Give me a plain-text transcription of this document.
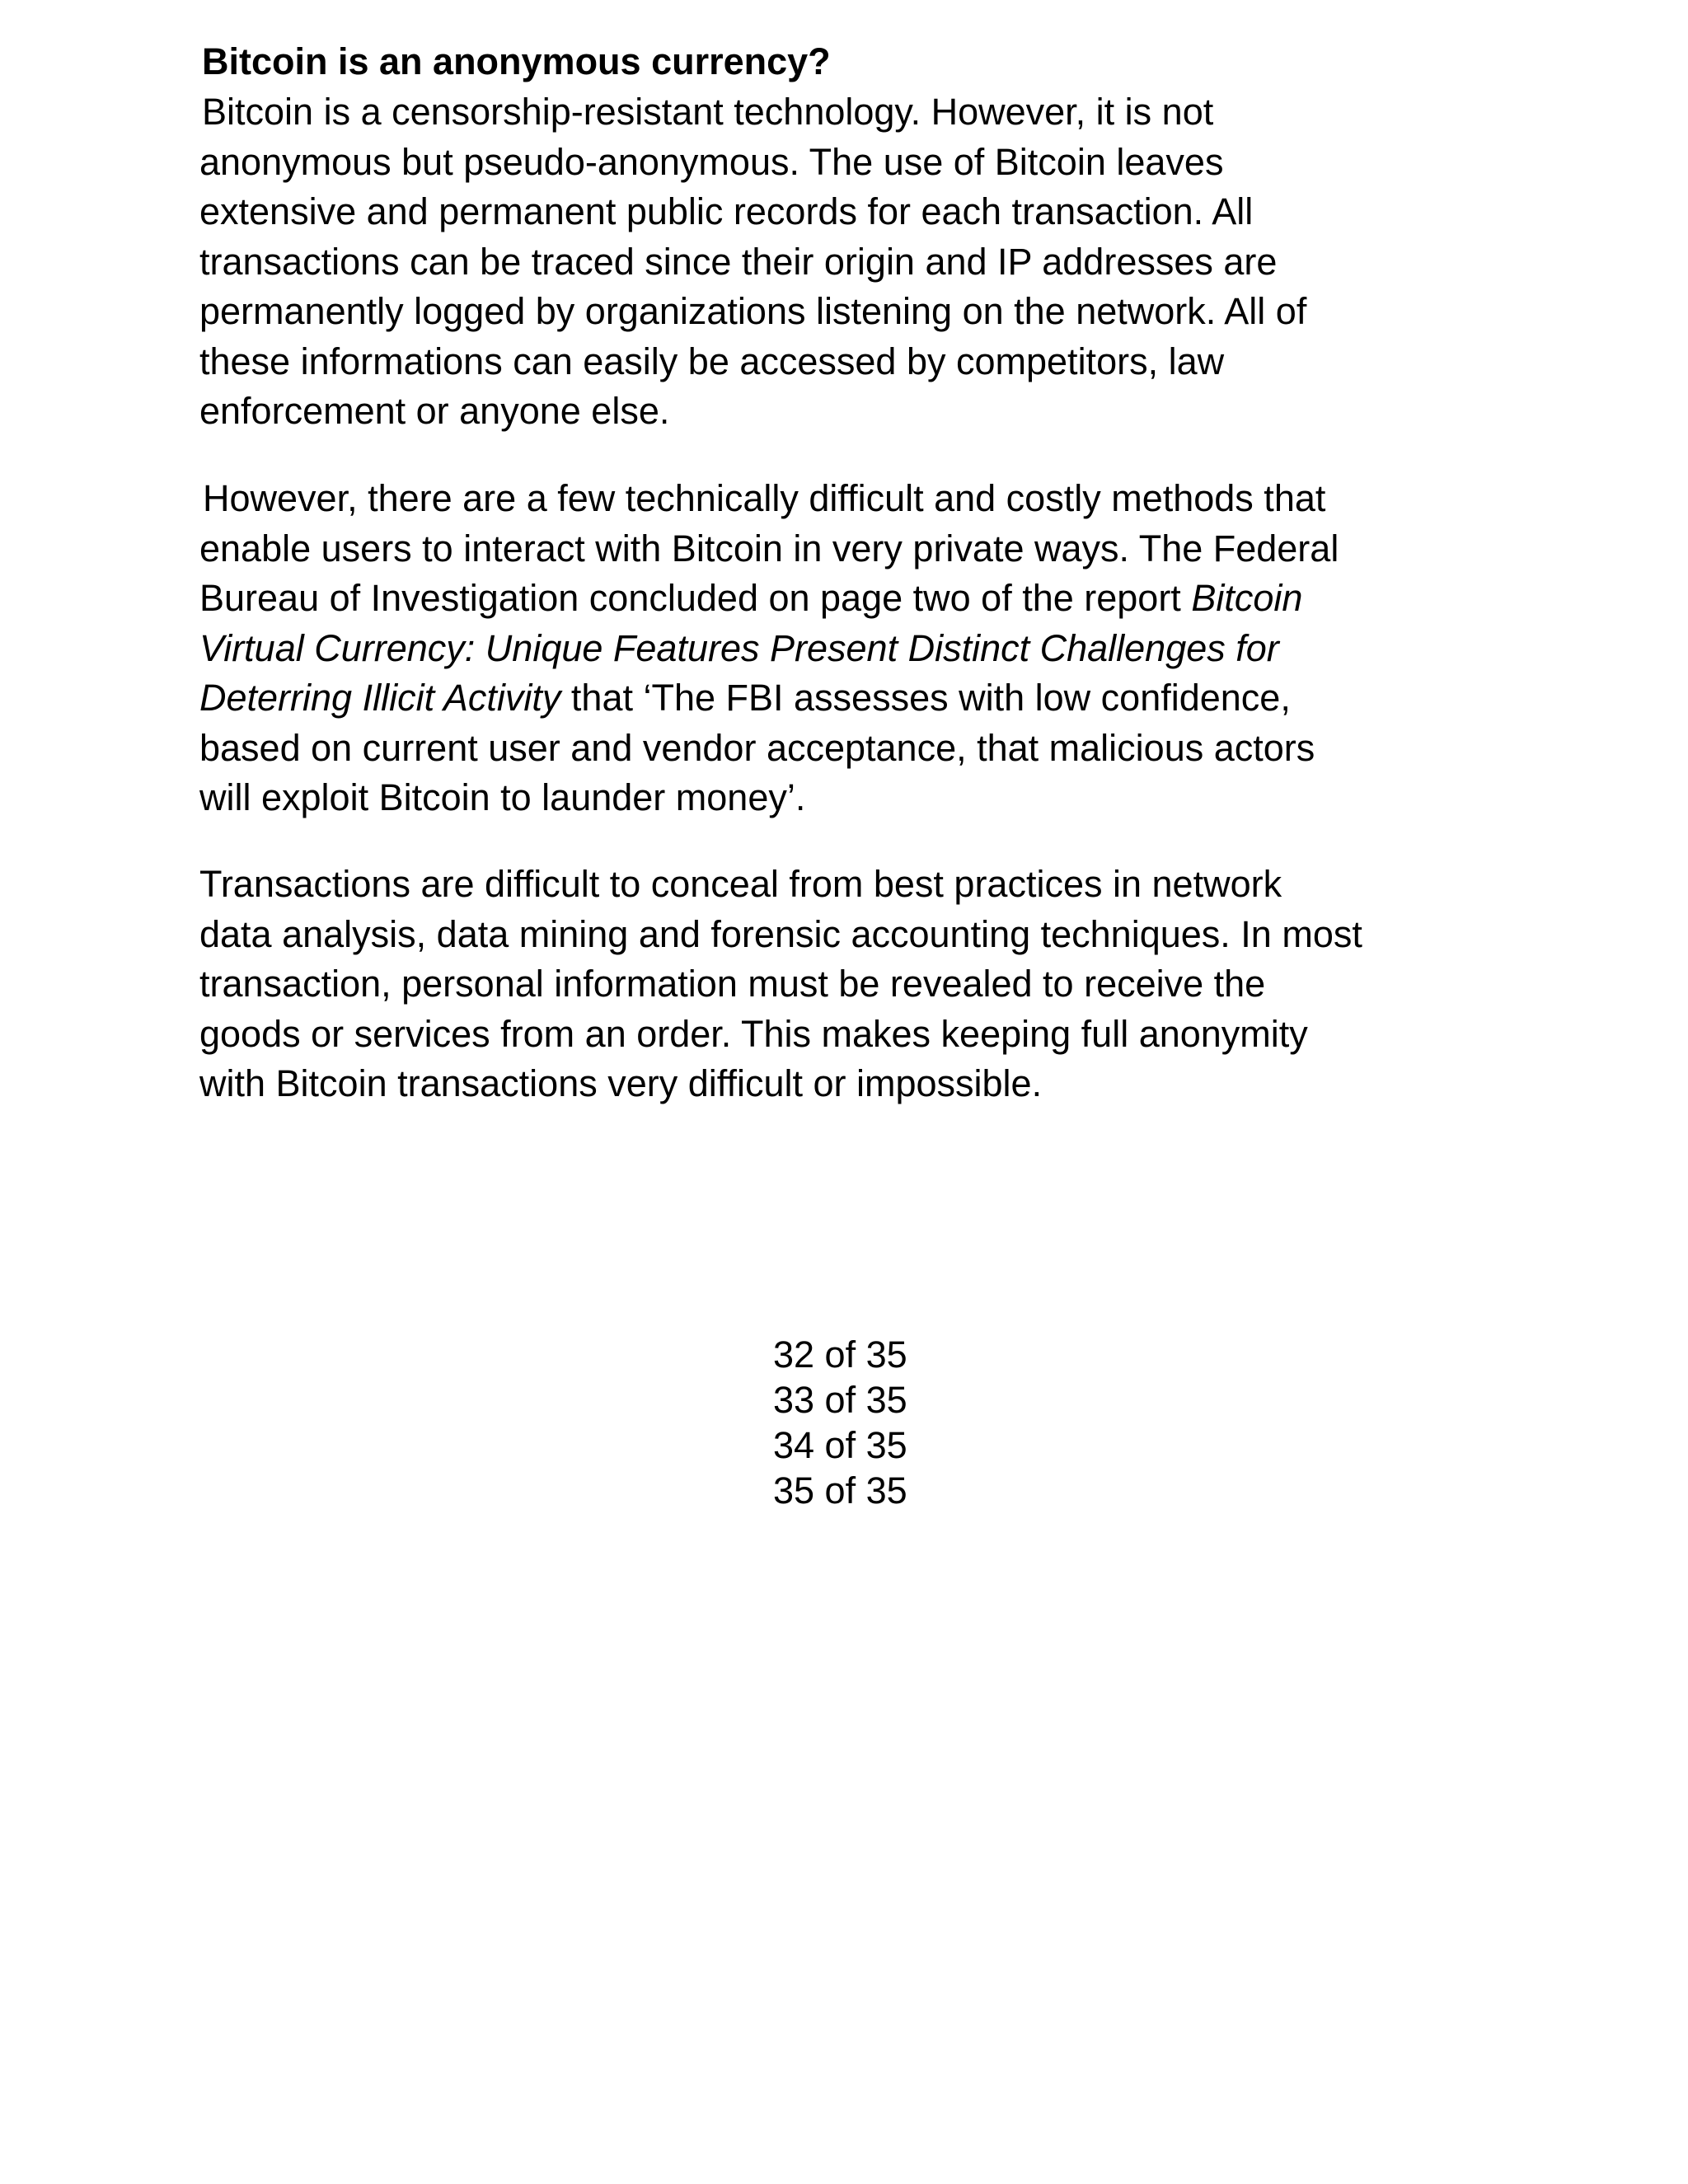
Bitcoin is an anonymous currency?

Bitcoin is a censorship-resistant technology. However, it is not
anonymous but pseudo-anonymous. The use of Bitcoin leaves
extensive and permanent public records for each transaction. All
transactions can be traced since their origin and IP addresses are
permanently logged by organizations listening on the network. All of
these informations can easily be accessed by competitors, law
enforcement or anyone else.

However, there are a few technically difficult and costly methods that
enable users to interact with Bitcoin in very private ways. The Federal
Bureau of Investigation concluded on page two of the report Bitcoin
Virtual Currency: Unique Features Present Distinct Challenges for
Deterring Illicit Activity that ‘The FBI assesses with low confidence,
based on current user and vendor acceptance, that malicious actors
will exploit Bitcoin to launder money’.

Transactions are difficult to conceal from best practices in network
data analysis, data mining and forensic accounting techniques. In most
transaction, personal information must be revealed to receive the
goods or services from an order. This makes keeping full anonymity
with Bitcoin transactions very difficult or impossible.

32 of 35
33 of 35
34 of 35
35 of 35
